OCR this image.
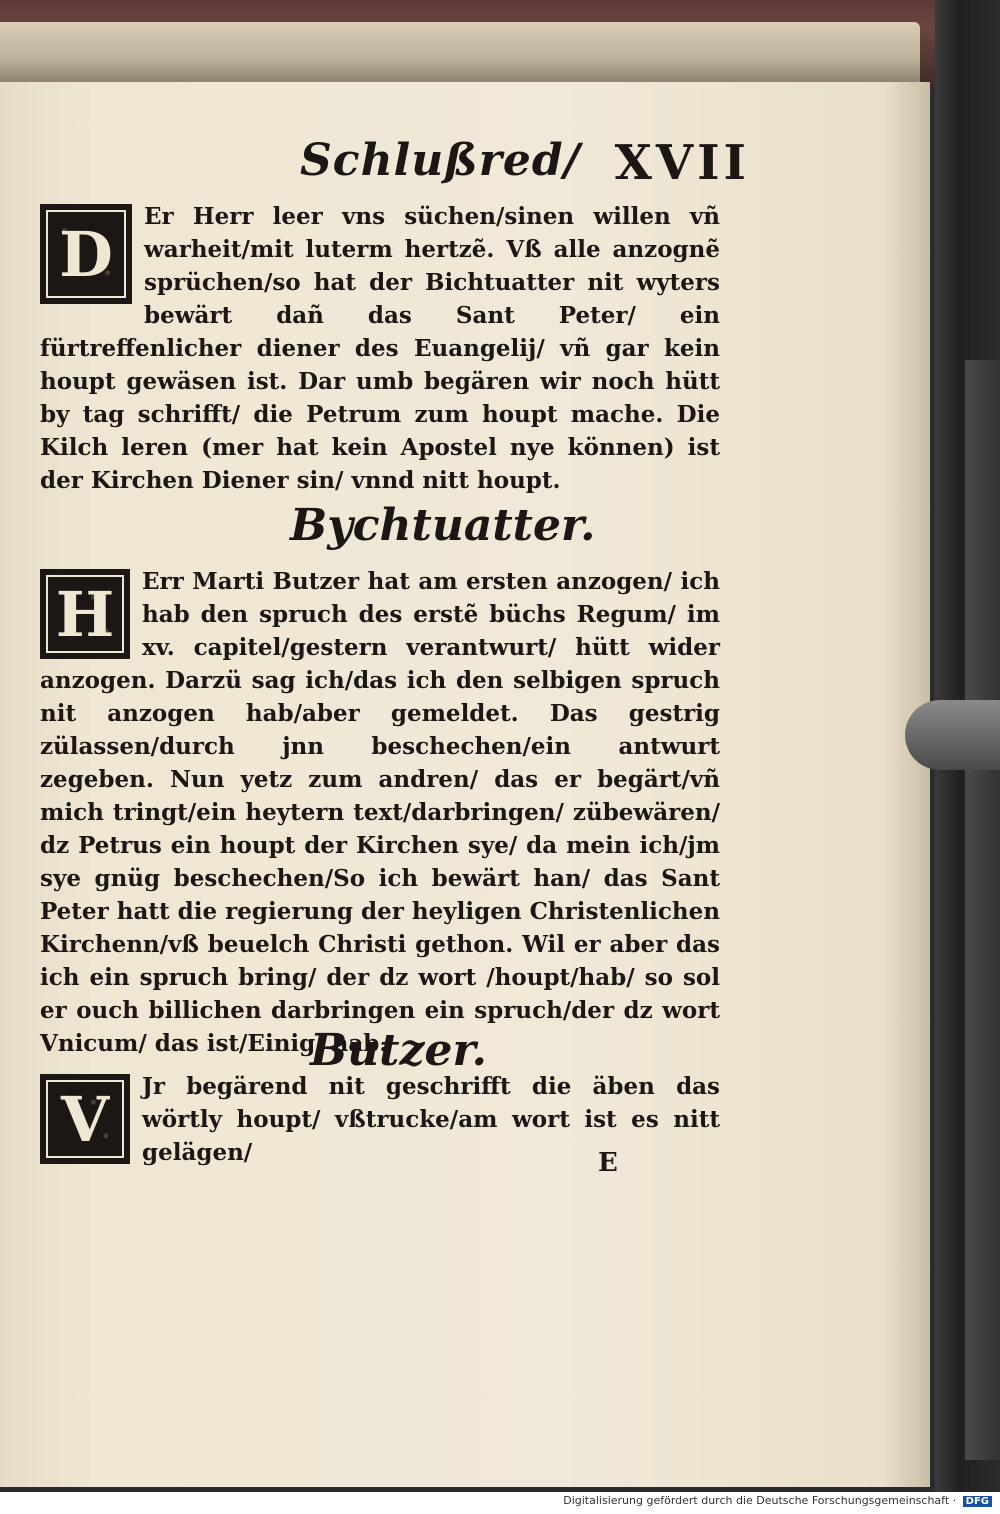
Schlußred/ XVII
D

Er Herr leer vns süchen/sinen willen vñ warheit/mit luterm hertzẽ. Vß alle anzognẽ sprüchen/so hat der Bichtuatter nit wyters bewärt dañ das Sant Peter/ ein fürtreffenlicher diener des Euangelij/ vñ gar kein houpt gewäsen ist. Dar umb begären wir noch hütt by tag schrifft/ die Petrum zum houpt mache. Die Kilch leren (mer hat kein Apostel nye können) ist der Kirchen Diener sin/ vnnd nitt houpt.

Bychtuatter.
H	Err Marti Butzer hat am ersten anzogen/ ich hab den spruch des erstẽ büchs Regum/ im xv. capitel/gestern verantwurt/ hütt wider anzogen. Darzü sag ich/das ich den selbigen spruch nit anzogen hab/aber gemeldet. Das gestrig zülassen/durch jnn beschechen/ein antwurt zegeben. Nun yetz zum andren/ das er begärt/vñ mich tringt/ein heytern text/darbringen/ zübewären/ dz Petrus ein houpt der Kirchen sye/ da mein ich/jm sye gnüg beschechen/So ich bewärt han/ das Sant Peter hatt die regierung der heyligen Christenlichen Kirchenn/vß beuelch Christi gethon. Wil er aber das ich ein spruch bring/ der dz wort /houpt/hab/ so sol er ouch billichen darbringen ein spruch/der dz wort Vnicum/ das ist/Einig/ hab.

Butzer.
V	Jr begärend nit geschrifft die äben das wörtly houpt/ vßtrucke/am wort ist es nitt gelägen/	E
Digitalisierung gefördert durch die Deutsche Forschungsgemeinschaft · DFG
